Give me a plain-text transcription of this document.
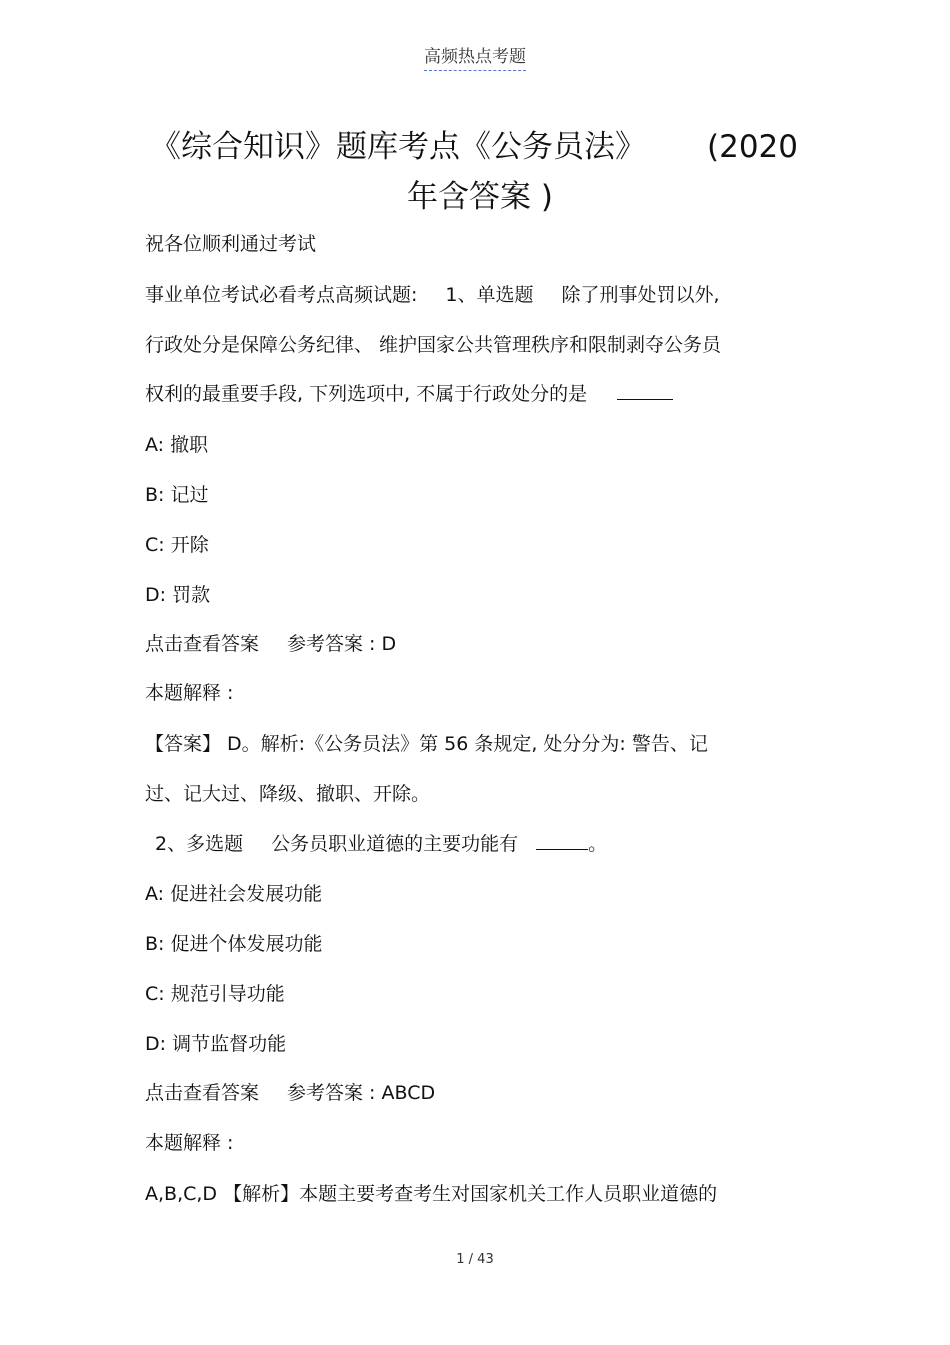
高频热点考题
《综合知识》题库考点《公务员法》 (2020
年含答案 )
祝各位顺利通过考试
事业单位考试必看考点高频试题: 1、单选题 除了刑事处罚以外,
行政处分是保障公务纪律、 维护国家公共管理秩序和限制剥夺公务员
权利的最重要手段, 下列选项中, 不属于行政处分的是
A: 撤职
B: 记过
C: 开除
D: 罚款
点击查看答案 参考答案 : D
本题解释 :
【答案】 D。解析:《公务员法》第 56 条规定, 处分分为: 警告、记
过、记大过、降级、撤职、开除。
2、多选题 公务员职业道德的主要功能有	。
A: 促进社会发展功能
B: 促进个体发展功能
C: 规范引导功能
D: 调节监督功能
点击查看答案 参考答案 : ABCD
本题解释 :
A,B,C,D 【解析】本题主要考查考生对国家机关工作人员职业道德的
1 / 43
